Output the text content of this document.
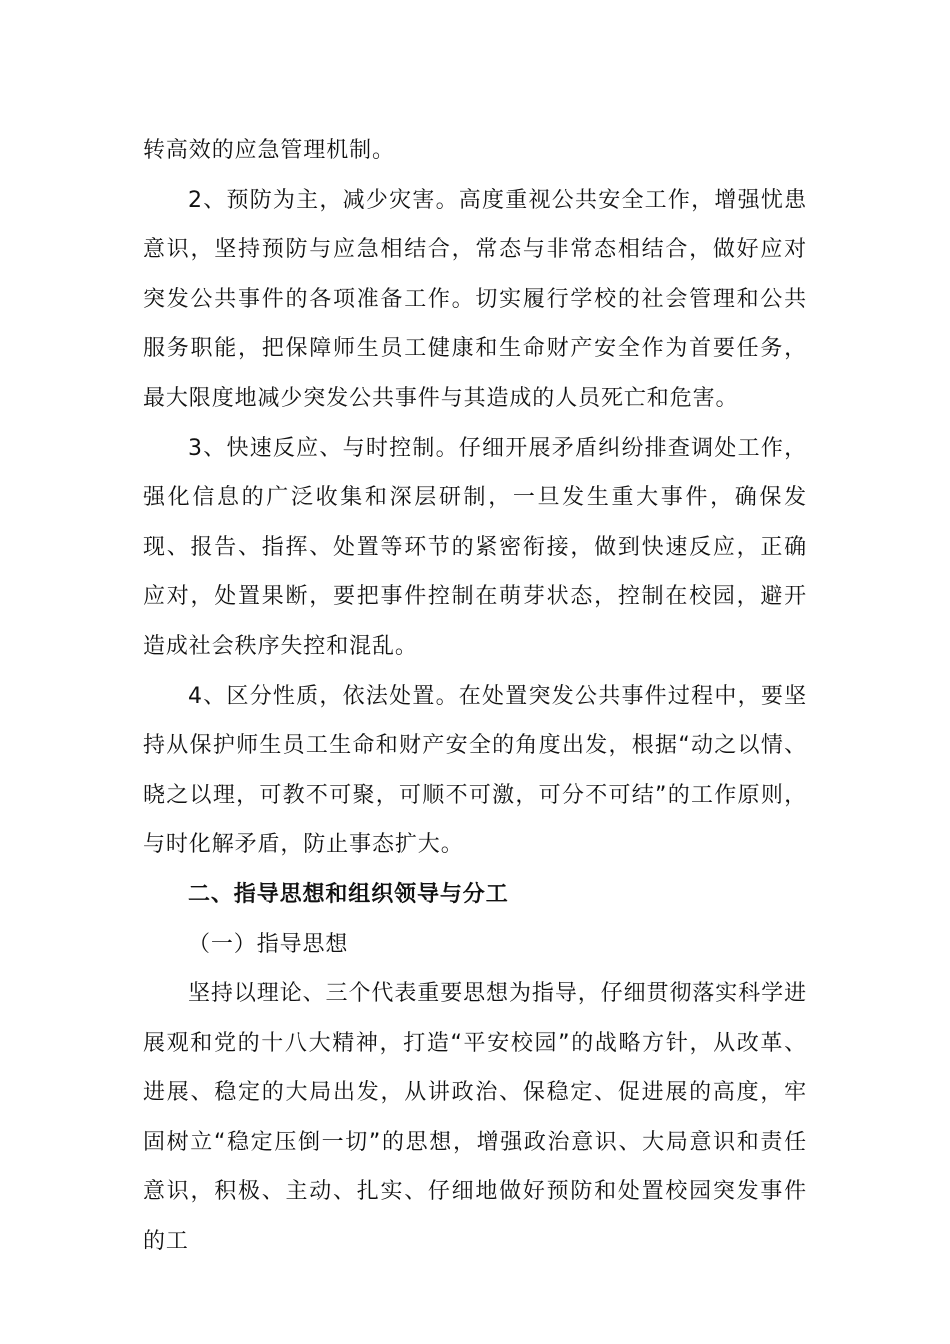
转高效的应急管理机制。

2、预防为主，减少灾害。高度重视公共安全工作，增强忧患意识，坚持预防与应急相结合，常态与非常态相结合，做好应对突发公共事件的各项准备工作。切实履行学校的社会管理和公共服务职能，把保障师生员工健康和生命财产安全作为首要任务，最大限度地减少突发公共事件与其造成的人员死亡和危害。

3、快速反应、与时控制。仔细开展矛盾纠纷排查调处工作，强化信息的广泛收集和深层研制，一旦发生重大事件，确保发现、报告、指挥、处置等环节的紧密衔接，做到快速反应，正确应对，处置果断，要把事件控制在萌芽状态，控制在校园，避开造成社会秩序失控和混乱。

4、区分性质，依法处置。在处置突发公共事件过程中，要坚持从保护师生员工生命和财产安全的角度出发，根据“动之以情、晓之以理，可教不可聚，可顺不可激，可分不可结”的工作原则，与时化解矛盾，防止事态扩大。

二、指导思想和组织领导与分工

（一）指导思想

坚持以理论、三个代表重要思想为指导，仔细贯彻落实科学进展观和党的十八大精神，打造“平安校园”的战略方针，从改革、进展、稳定的大局出发，从讲政治、保稳定、促进展的高度，牢固树立“稳定压倒一切”的思想，增强政治意识、大局意识和责任意识，积极、主动、扎实、仔细地做好预防和处置校园突发事件的工
